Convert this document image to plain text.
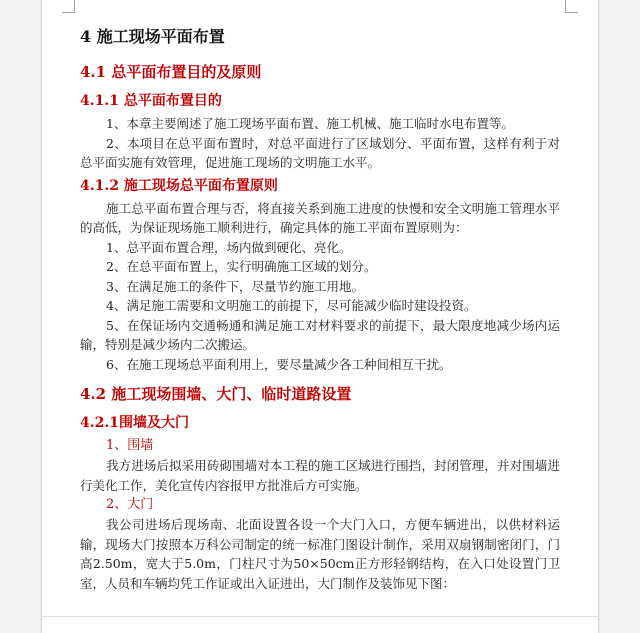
4 施工现场平面布置
4.1 总平面布置目的及原则
4.1.1 总平面布置目的

1、本章主要阐述了施工现场平面布置、施工机械、施工临时水电布置等。

2、本项目在总平面布置时，对总平面进行了区域划分、平面布置，这样有利于对总平面实施有效管理，促进施工现场的文明施工水平。

4.1.2 施工现场总平面布置原则

施工总平面布置合理与否，将直接关系到施工进度的快慢和安全文明施工管理水平的高低，为保证现场施工顺利进行，确定具体的施工平面布置原则为：

1、总平面布置合理，场内做到硬化、亮化。

2、在总平面布置上，实行明确施工区域的划分。

3、在满足施工的条件下，尽量节约施工用地。

4、满足施工需要和文明施工的前提下，尽可能减少临时建设投资。

5、在保证场内交通畅通和满足施工对材料要求的前提下，最大限度地减少场内运输，特别是减少场内二次搬运。

6、在施工现场总平面利用上，要尽量减少各工种间相互干扰。

4.2 施工现场围墙、大门、临时道路设置
4.2.1围墙及大门
1、围墙

我方进场后拟采用砖砌围墙对本工程的施工区域进行围挡，封闭管理，并对围墙进行美化工作，美化宣传内容报甲方批准后方可实施。

2、大门

我公司进场后现场南、北面设置各设一个大门入口，方便车辆进出，以供材料运输，现场大门按照本万科公司制定的统一标准门图设计制作，采用双扇钢制密闭门，门高2.50m，宽大于5.0m，门柱尺寸为50×50cm正方形轻钢结构，在入口处设置门卫室，人员和车辆均凭工作证或出入证进出，大门制作及装饰见下图：
